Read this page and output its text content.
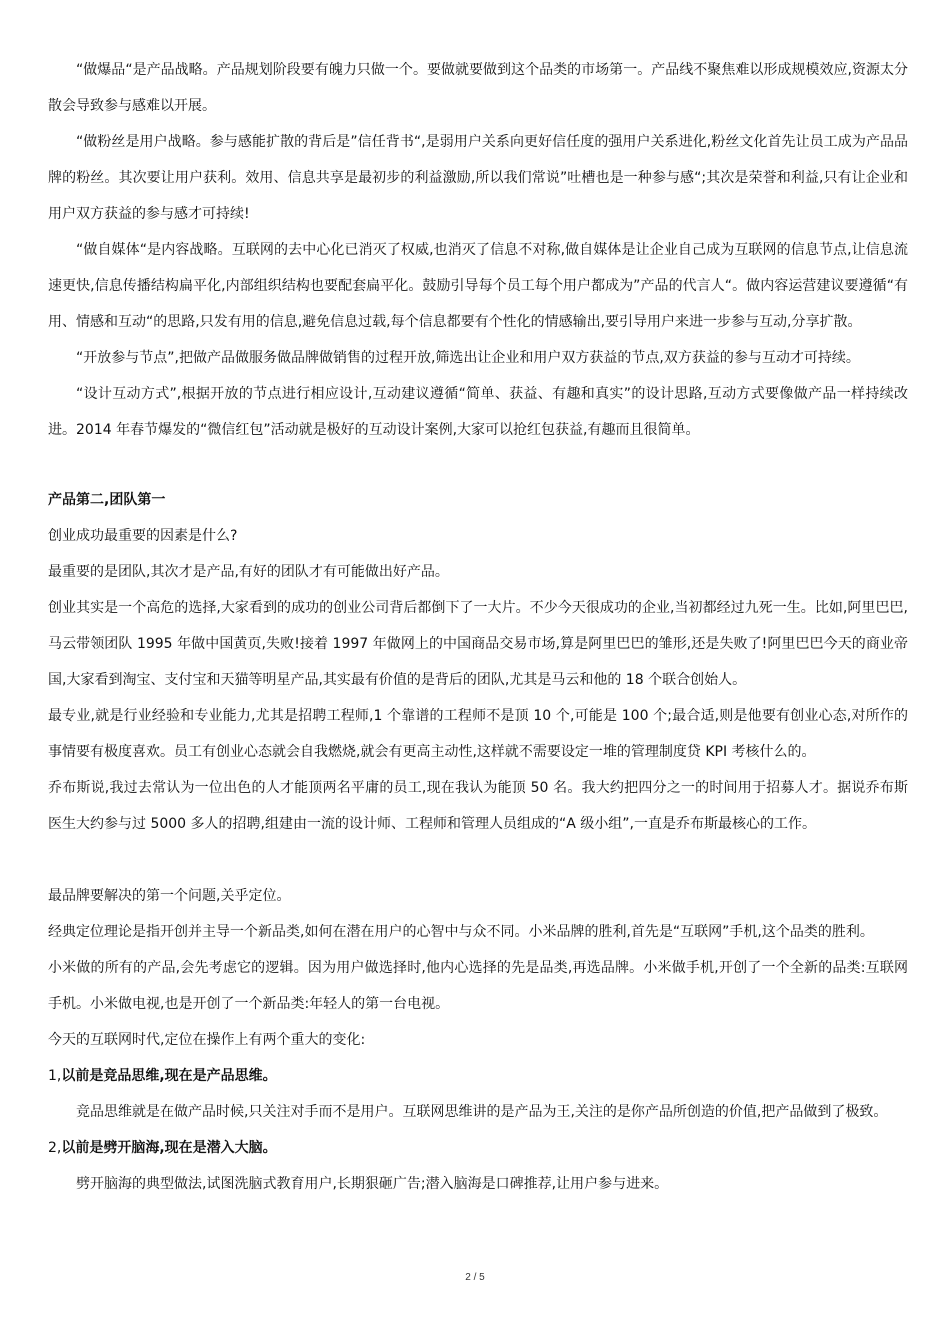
“做爆品“是产品战略。产品规划阶段要有魄力只做一个。要做就要做到这个品类的市场第一。产品线不聚焦难以形成规模效应,资源太分散会导致参与感难以开展。

“做粉丝是用户战略。参与感能扩散的背后是”信任背书“,是弱用户关系向更好信任度的强用户关系进化,粉丝文化首先让员工成为产品品牌的粉丝。其次要让用户获利。效用、信息共享是最初步的利益激励,所以我们常说”吐槽也是一种参与感“;其次是荣誉和利益,只有让企业和用户双方获益的参与感才可持续!

“做自媒体“是内容战略。互联网的去中心化已消灭了权威,也消灭了信息不对称,做自媒体是让企业自己成为互联网的信息节点,让信息流速更快,信息传播结构扁平化,内部组织结构也要配套扁平化。鼓励引导每个员工每个用户都成为”产品的代言人“。做内容运营建议要遵循“有用、情感和互动“的思路,只发有用的信息,避免信息过载,每个信息都要有个性化的情感输出,要引导用户来进一步参与互动,分享扩散。

“开放参与节点”,把做产品做服务做品牌做销售的过程开放,筛选出让企业和用户双方获益的节点,双方获益的参与互动才可持续。

“设计互动方式”,根据开放的节点进行相应设计,互动建议遵循“简单、获益、有趣和真实”的设计思路,互动方式要像做产品一样持续改进。2014 年春节爆发的“微信红包”活动就是极好的互动设计案例,大家可以抢红包获益,有趣而且很简单。

产品第二,团队第一

创业成功最重要的因素是什么?

最重要的是团队,其次才是产品,有好的团队才有可能做出好产品。

创业其实是一个高危的选择,大家看到的成功的创业公司背后都倒下了一大片。不少今天很成功的企业,当初都经过九死一生。比如,阿里巴巴,马云带领团队 1995 年做中国黄页,失败!接着 1997 年做网上的中国商品交易市场,算是阿里巴巴的雏形,还是失败了!阿里巴巴今天的商业帝国,大家看到淘宝、支付宝和天猫等明星产品,其实最有价值的是背后的团队,尤其是马云和他的 18 个联合创始人。

最专业,就是行业经验和专业能力,尤其是招聘工程师,1 个靠谱的工程师不是顶 10 个,可能是 100 个;最合适,则是他要有创业心态,对所作的事情要有极度喜欢。员工有创业心态就会自我燃烧,就会有更高主动性,这样就不需要设定一堆的管理制度贷 KPI 考核什么的。

乔布斯说,我过去常认为一位出色的人才能顶两名平庸的员工,现在我认为能顶 50 名。我大约把四分之一的时间用于招募人才。据说乔布斯医生大约参与过 5000 多人的招聘,组建由一流的设计师、工程师和管理人员组成的“A 级小组”,一直是乔布斯最核心的工作。

最品牌要解决的第一个问题,关乎定位。

经典定位理论是指开创并主导一个新品类,如何在潜在用户的心智中与众不同。小米品牌的胜利,首先是“互联网”手机,这个品类的胜利。

小米做的所有的产品,会先考虑它的逻辑。因为用户做选择时,他内心选择的先是品类,再选品牌。小米做手机,开创了一个全新的品类:互联网手机。小米做电视,也是开创了一个新品类:年轻人的第一台电视。

今天的互联网时代,定位在操作上有两个重大的变化:

1,以前是竞品思维,现在是产品思维。

竞品思维就是在做产品时候,只关注对手而不是用户。互联网思维讲的是产品为王,关注的是你产品所创造的价值,把产品做到了极致。

2,以前是劈开脑海,现在是潜入大脑。

劈开脑海的典型做法,试图洗脑式教育用户,长期狠砸广告;潜入脑海是口碑推荐,让用户参与进来。

2 / 5
